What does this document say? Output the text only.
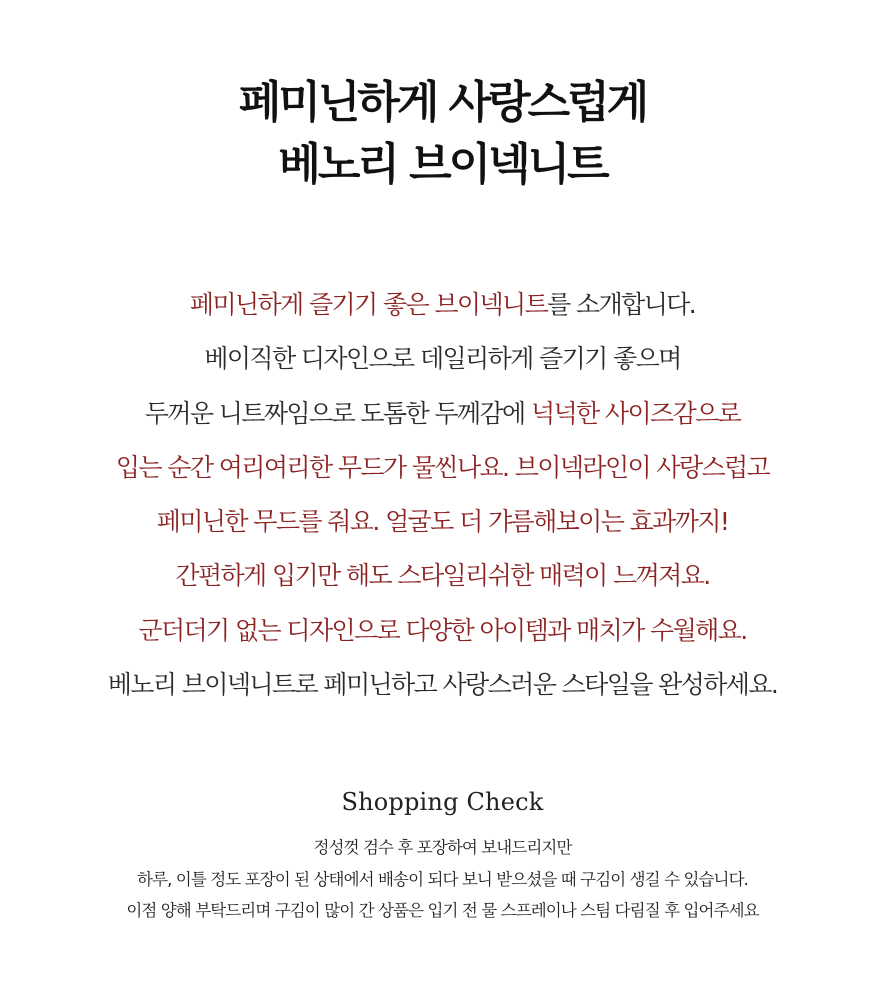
페미닌하게 사랑스럽게
베노리 브이넥니트
페미닌하게 즐기기 좋은 브이넥니트를 소개합니다.
베이직한 디자인으로 데일리하게 즐기기 좋으며
두꺼운 니트짜임으로 도톰한 두께감에 넉넉한 사이즈감으로
입는 순간 여리여리한 무드가 물씬나요. 브이넥라인이 사랑스럽고
페미닌한 무드를 줘요. 얼굴도 더 갸름해보이는 효과까지!
간편하게 입기만 해도 스타일리쉬한 매력이 느껴져요.
군더더기 없는 디자인으로 다양한 아이템과 매치가 수월해요.
베노리 브이넥니트로 페미닌하고 사랑스러운 스타일을 완성하세요.
Shopping Check
정성껏 검수 후 포장하여 보내드리지만
하루, 이틀 정도 포장이 된 상태에서 배송이 되다 보니 받으셨을 때 구김이 생길 수 있습니다.
이점 양해 부탁드리며 구김이 많이 간 상품은 입기 전 물 스프레이나 스팀 다림질 후 입어주세요
